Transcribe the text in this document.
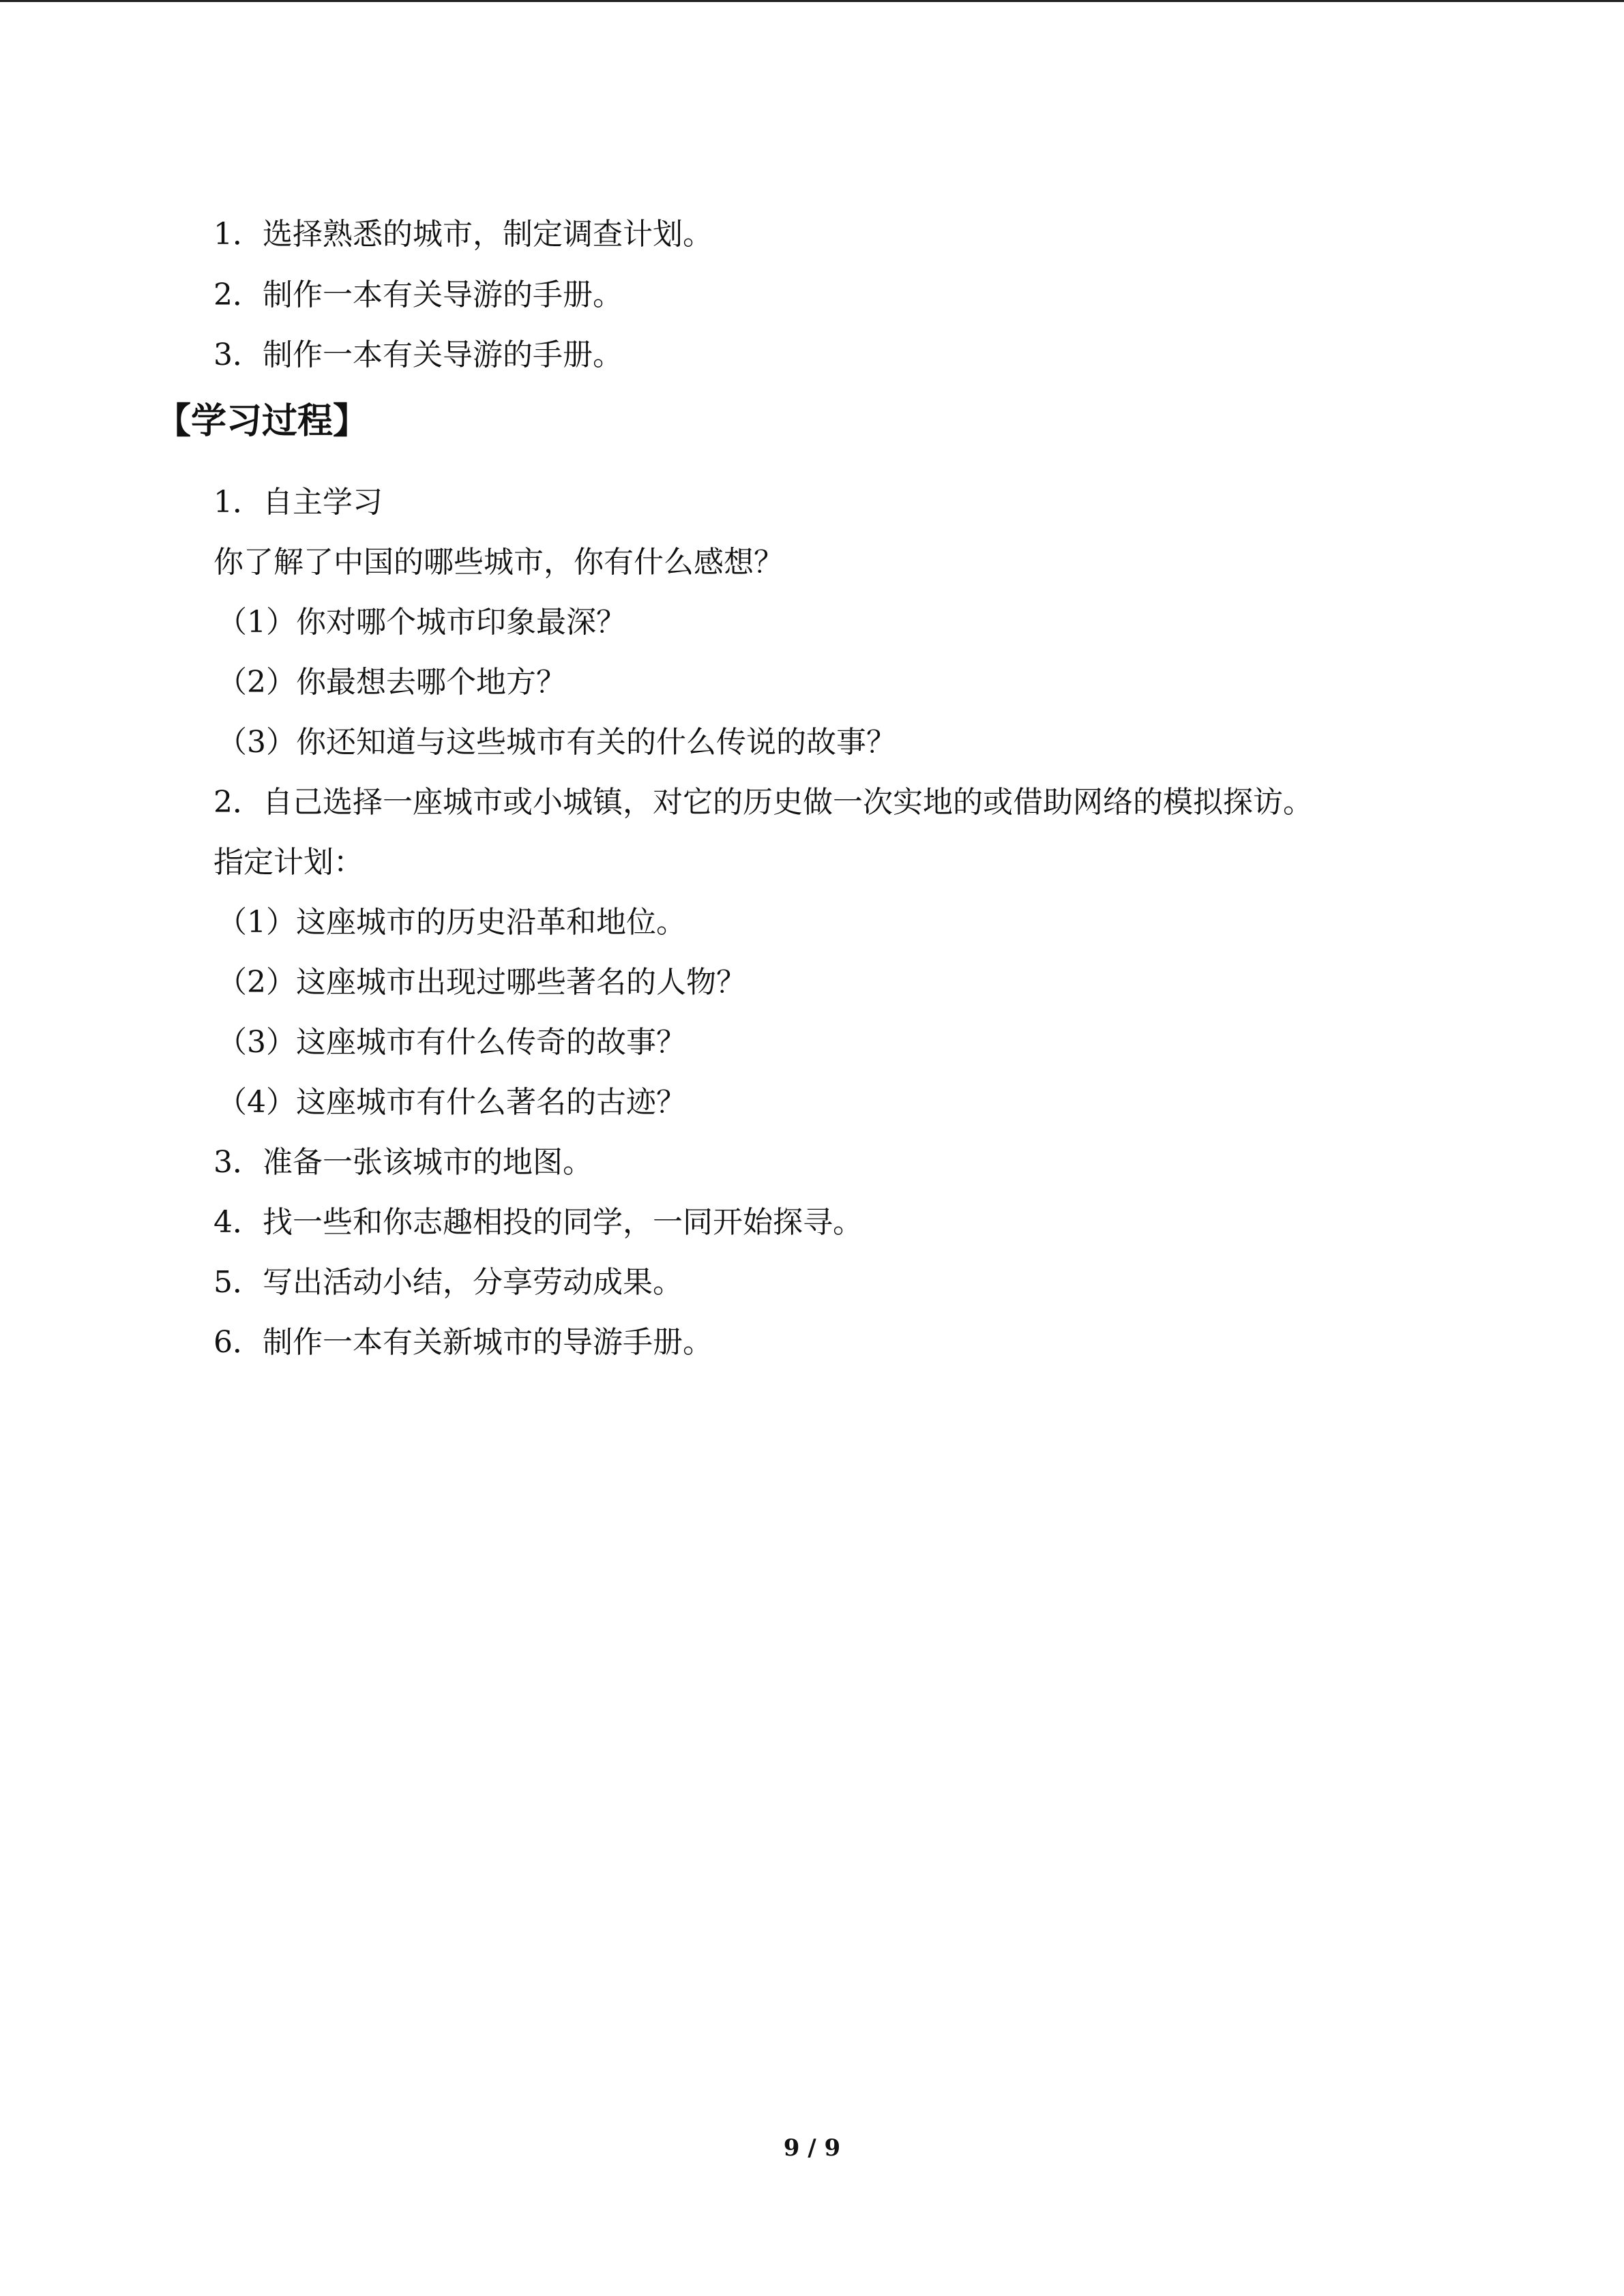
1．选择熟悉的城市，制定调查计划。
2．制作一本有关导游的手册。
3．制作一本有关导游的手册。
【学习过程】
1．自主学习
你了解了中国的哪些城市，你有什么感想？
（1）你对哪个城市印象最深？
（2）你最想去哪个地方？
（3）你还知道与这些城市有关的什么传说的故事？
2．自己选择一座城市或小城镇，对它的历史做一次实地的或借助网络的模拟探访。
指定计划：
（1）这座城市的历史沿革和地位。
（2）这座城市出现过哪些著名的人物？
（3）这座城市有什么传奇的故事？
（4）这座城市有什么著名的古迹？
3．准备一张该城市的地图。
4．找一些和你志趣相投的同学，一同开始探寻。
5．写出活动小结，分享劳动成果。
6．制作一本有关新城市的导游手册。
9 / 9
